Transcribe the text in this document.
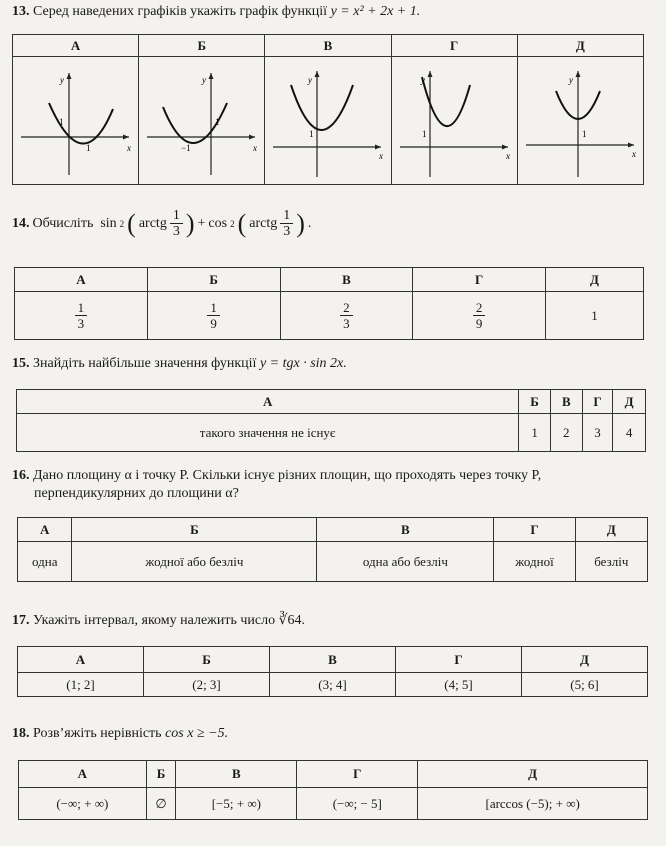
13. Серед наведених графіків укажіть графік функції y = x² + 2x + 1.
А	Б	В	Г	Д

y
x
1
1	y
x
1
−1	y
x
1	y
x
1	y
x
1
14. Обчисліть sin 2 ( arctg $\frac{1}{3}$ ) + cos 2 ( arctg $\frac{1}{3}$ ) .
А	Б	В	Г	Д

$\frac{1}{3}$	$\frac{1}{9}$	$\frac{2}{3}$	$\frac{2}{9}$	1
15. Знайдіть найбільше значення функції y = tgx · sin 2x.
А	Б	В	Г	Д
такого значення не існує	1	2	3	4
16. Дано площину α і точку P. Скільки існує різних площин, що проходять через точку P,
перпендикулярних до площини α?
А	Б	В	Г	Д
одна	жодної або безліч	одна або безліч	жодної	безліч
17. Укажіть інтервал, якому належить число ∛64.
А	Б	В	Г	Д
(1; 2]	(2; 3]	(3; 4]	(4; 5]	(5; 6]
18. Розв’яжіть нерівність cos x ≥ −5.
А	Б	В	Г	Д
(−∞; + ∞)	∅	[−5; + ∞)	(−∞; − 5]	[arccos (−5); + ∞)
